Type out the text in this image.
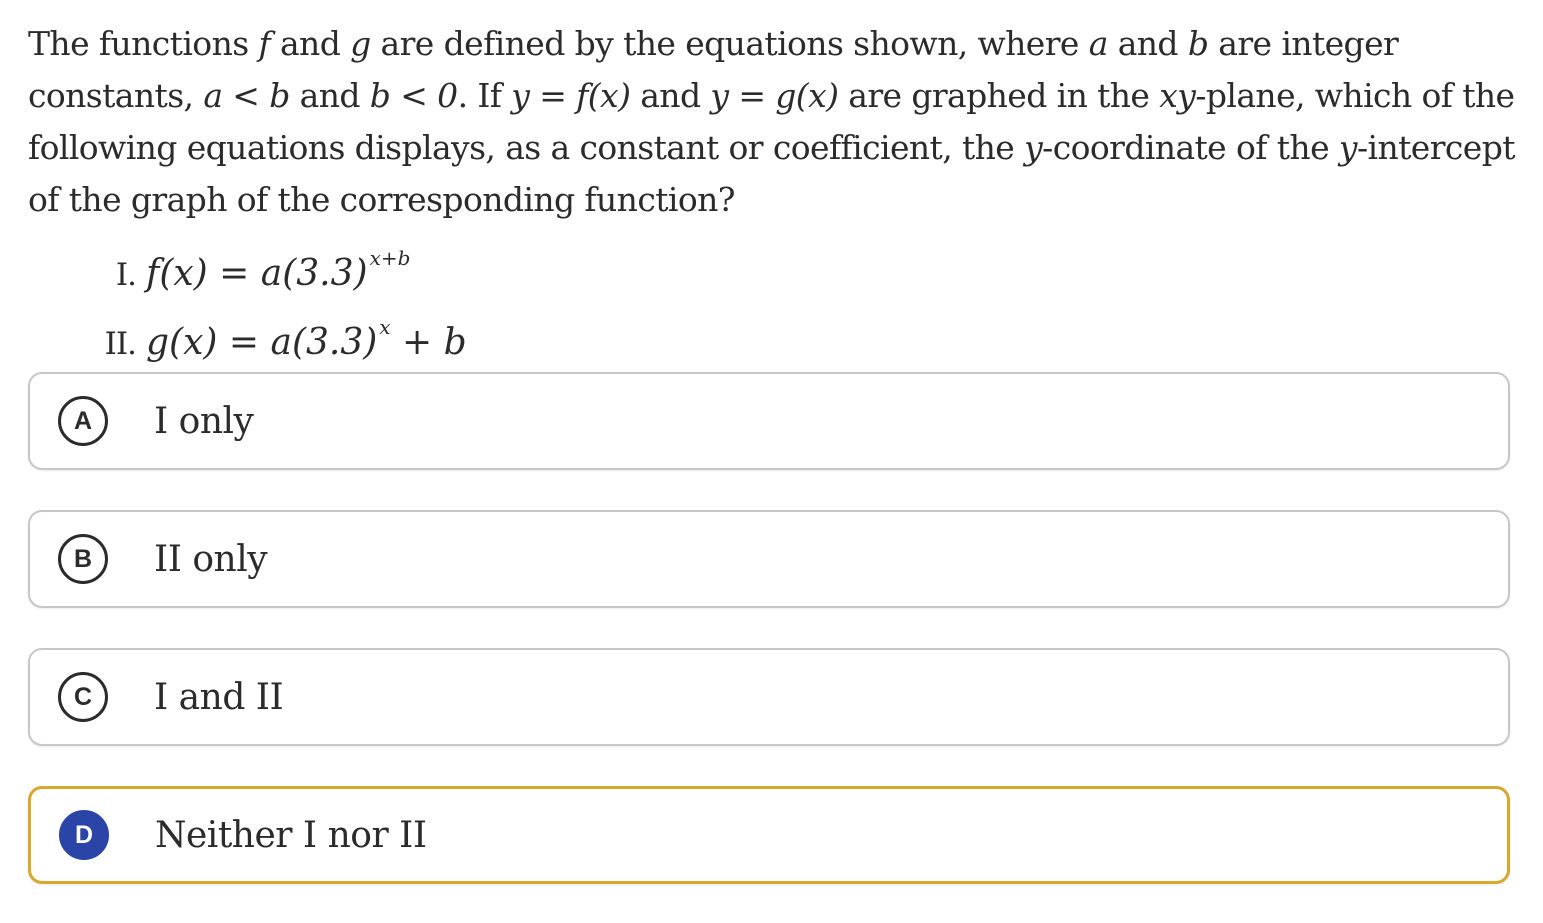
The functions f and g are defined by the equations shown, where a and b are integer constants, a < b and b < 0. If y = f(x) and y = g(x) are graphed in the xy-plane, which of the following equations displays, as a constant or coefficient, the y-coordinate of the y-intercept of the graph of the corresponding function?
I. f(x) = a(3.3) $^{x+b}$
II. g(x) = a(3.3) $^x$ + b
A	I only
B	II only
C	I and II
D	Neither I nor II
